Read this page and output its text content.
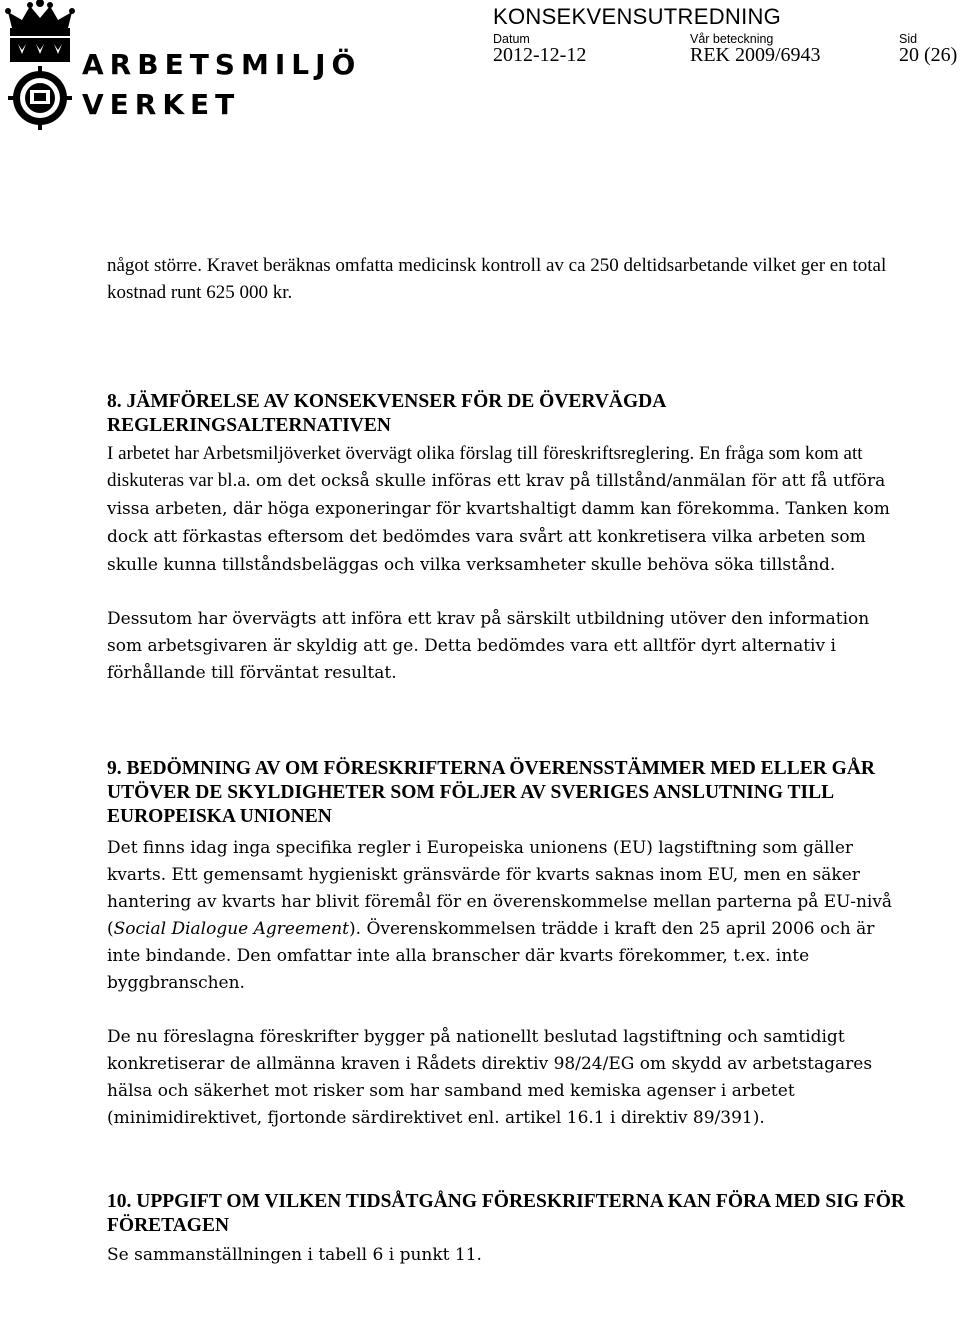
ARBETSMILJÖ
VERKET
KONSEKVENSUTREDNING
Datum	Vår beteckning	Sid
2012-12-12	REK 2009/6943	20 (26)

något större. Kravet beräknas omfatta medicinsk kontroll av ca 250 deltidsarbetande vilket ger en total kostnad runt 625 000 kr.

8. JÄMFÖRELSE AV KONSEKVENSER FÖR DE ÖVERVÄGDA REGLERINGSALTERNATIVEN

I arbetet har Arbetsmiljöverket övervägt olika förslag till föreskriftsreglering. En fråga som kom att diskuteras var bl.a. om det också skulle införas ett krav på tillstånd/anmälan för att få utföra vissa arbeten, där höga exponeringar för kvartshaltigt damm kan förekomma. Tanken kom dock att förkastas eftersom det bedömdes vara svårt att konkretisera vilka arbeten som skulle kunna tillståndsbeläggas och vilka verksamheter skulle behöva söka tillstånd.

Dessutom har övervägts att införa ett krav på särskilt utbildning utöver den information som arbetsgivaren är skyldig att ge. Detta bedömdes vara ett alltför dyrt alternativ i förhållande till förväntat resultat.

9. BEDÖMNING AV OM FÖRESKRIFTERNA ÖVERENSSTÄMMER MED ELLER GÅR UTÖVER DE SKYLDIGHETER SOM FÖLJER AV SVERIGES ANSLUTNING TILL EUROPEISKA UNIONEN

Det finns idag inga specifika regler i Europeiska unionens (EU) lagstiftning som gäller kvarts. Ett gemensamt hygieniskt gränsvärde för kvarts saknas inom EU, men en säker hantering av kvarts har blivit föremål för en överenskommelse mellan parterna på EU-nivå (Social Dialogue Agreement). Överenskommelsen trädde i kraft den 25 april 2006 och är inte bindande. Den omfattar inte alla branscher där kvarts förekommer, t.ex. inte byggbranschen.

De nu föreslagna föreskrifter bygger på nationellt beslutad lagstiftning och samtidigt konkretiserar de allmänna kraven i Rådets direktiv 98/24/EG om skydd av arbetstagares hälsa och säkerhet mot risker som har samband med kemiska agenser i arbetet (minimidirektivet, fjortonde särdirektivet enl. artikel 16.1 i direktiv 89/391).

10. UPPGIFT OM VILKEN TIDSÅTGÅNG FÖRESKRIFTERNA KAN FÖRA MED SIG FÖR FÖRETAGEN

Se sammanställningen i tabell 6 i punkt 11.
